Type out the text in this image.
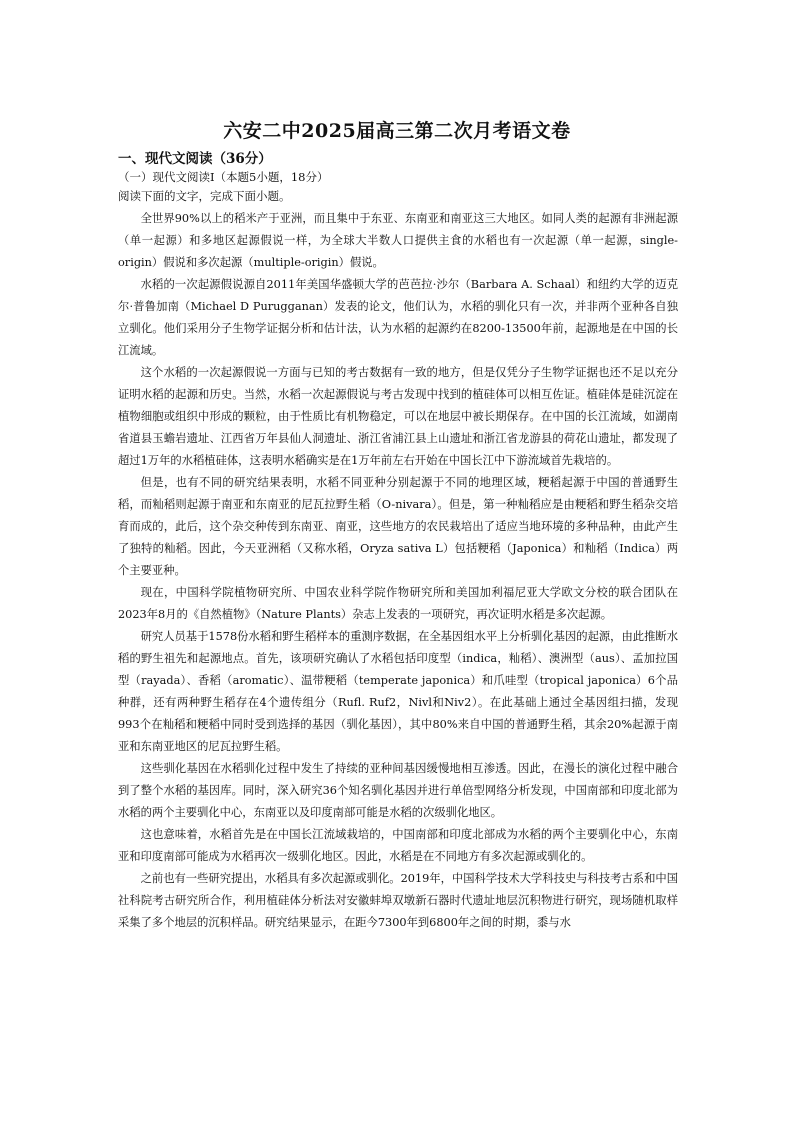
六安二中2025届高三第二次月考语文卷
一、现代文阅读（36分）
（一）现代文阅读Ⅰ（本题5小题，18分）
阅读下面的文字，完成下面小题。

全世界90%以上的稻米产于亚洲，而且集中于东亚、东南亚和南亚这三大地区。如同人类的起源有非洲起源（单一起源）和多地区起源假说一样，为全球大半数人口提供主食的水稻也有一次起源（单一起源，single-origin）假说和多次起源（multiple-origin）假说。

水稻的一次起源假说源自2011年美国华盛顿大学的芭芭拉·沙尔（Barbara A. Schaal）和纽约大学的迈克尔·普鲁加南（Michael D Purugganan）发表的论文，他们认为，水稻的驯化只有一次，并非两个亚种各自独立驯化。他们采用分子生物学证据分析和估计法，认为水稻的起源约在8200-13500年前，起源地是在中国的长江流域。

这个水稻的一次起源假说一方面与已知的考古数据有一致的地方，但是仅凭分子生物学证据也还不足以充分证明水稻的起源和历史。当然，水稻一次起源假说与考古发现中找到的植硅体可以相互佐证。植硅体是硅沉淀在植物细胞或组织中形成的颗粒，由于性质比有机物稳定，可以在地层中被长期保存。在中国的长江流域，如湖南省道县玉蟾岩遗址、江西省万年县仙人洞遗址、浙江省浦江县上山遗址和浙江省龙游县的荷花山遗址，都发现了超过1万年的水稻植硅体，这表明水稻确实是在1万年前左右开始在中国长江中下游流域首先栽培的。

但是，也有不同的研究结果表明，水稻不同亚种分别起源于不同的地理区域，粳稻起源于中国的普通野生稻，而籼稻则起源于南亚和东南亚的尼瓦拉野生稻（O-nivara）。但是，第一种籼稻应是由粳稻和野生稻杂交培育而成的，此后，这个杂交种传到东南亚、南亚，这些地方的农民栽培出了适应当地环境的多种品种，由此产生了独特的籼稻。因此，今天亚洲稻（又称水稻，Oryza sativa L）包括粳稻（Japonica）和籼稻（Indica）两个主要亚种。

现在，中国科学院植物研究所、中国农业科学院作物研究所和美国加利福尼亚大学欧文分校的联合团队在2023年8月的《自然植物》（Nature Plants）杂志上发表的一项研究，再次证明水稻是多次起源。

研究人员基于1578份水稻和野生稻样本的重测序数据，在全基因组水平上分析驯化基因的起源，由此推断水稻的野生祖先和起源地点。首先，该项研究确认了水稻包括印度型（indica，籼稻）、澳洲型（aus）、孟加拉国型（rayada）、香稻（aromatic）、温带粳稻（temperate japonica）和爪哇型（tropical japonica）6个品种群，还有两种野生稻存在4个遗传组分（Rufl. Ruf2，Nivl和Niv2）。在此基础上通过全基因组扫描，发现993个在籼稻和粳稻中同时受到选择的基因（驯化基因），其中80%来自中国的普通野生稻，其余20%起源于南亚和东南亚地区的尼瓦拉野生稻。

这些驯化基因在水稻驯化过程中发生了持续的亚种间基因缓慢地相互渗透。因此，在漫长的演化过程中融合到了整个水稻的基因库。同时，深入研究36个知名驯化基因并进行单倍型网络分析发现，中国南部和印度北部为水稻的两个主要驯化中心，东南亚以及印度南部可能是水稻的次级驯化地区。

这也意味着，水稻首先是在中国长江流域栽培的，中国南部和印度北部成为水稻的两个主要驯化中心，东南亚和印度南部可能成为水稻再次一级驯化地区。因此，水稻是在不同地方有多次起源或驯化的。

之前也有一些研究提出，水稻具有多次起源或驯化。2019年，中国科学技术大学科技史与科技考古系和中国社科院考古研究所合作，利用植硅体分析法对安徽蚌埠双墩新石器时代遗址地层沉积物进行研究，现场随机取样采集了多个地层的沉积样品。研究结果显示，在距今7300年到6800年之间的时期，黍与水
